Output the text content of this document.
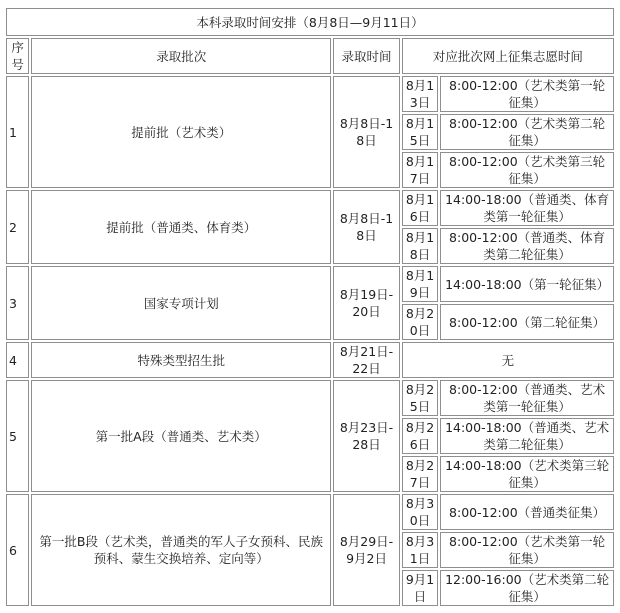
本科录取时间安排（8月8日—9月11日）				
序号	录取批次	录取时间	对应批次网上征集志愿时间	
1	提前批（艺术类）	8月8日-18日	8月13日	8:00-12:00（艺术类第一轮征集）
			8月15日	8:00-12:00（艺术类第二轮征集）
			8月17日	8:00-12:00（艺术类第三轮征集）
2	提前批（普通类、体育类）	8月8日-18日	8月16日	14:00-18:00（普通类、体育类第一轮征集）
			8月18日	8:00-12:00（普通类、体育类第二轮征集）
3	国家专项计划	8月19日-20日	8月19日	14:00-18:00（第一轮征集）
			8月20日	8:00-12:00（第二轮征集）
4	特殊类型招生批	8月21日-22日	无	
5	第一批A段（普通类、艺术类）	8月23日-28日	8月25日	8:00-12:00（普通类、艺术类第一轮征集）
			8月26日	14:00-18:00（普通类、艺术类第二轮征集）
			8月27日	14:00-18:00（艺术类第三轮征集）
6	第一批B段（艺术类，普通类的军人子女预科、民族预科、蒙生交换培养、定向等）	8月29日-9月2日	8月30日	8:00-12:00（普通类征集）
			8月31日	8:00-12:00（艺术类第一轮征集）
			9月1日	12:00-16:00（艺术类第二轮征集）
